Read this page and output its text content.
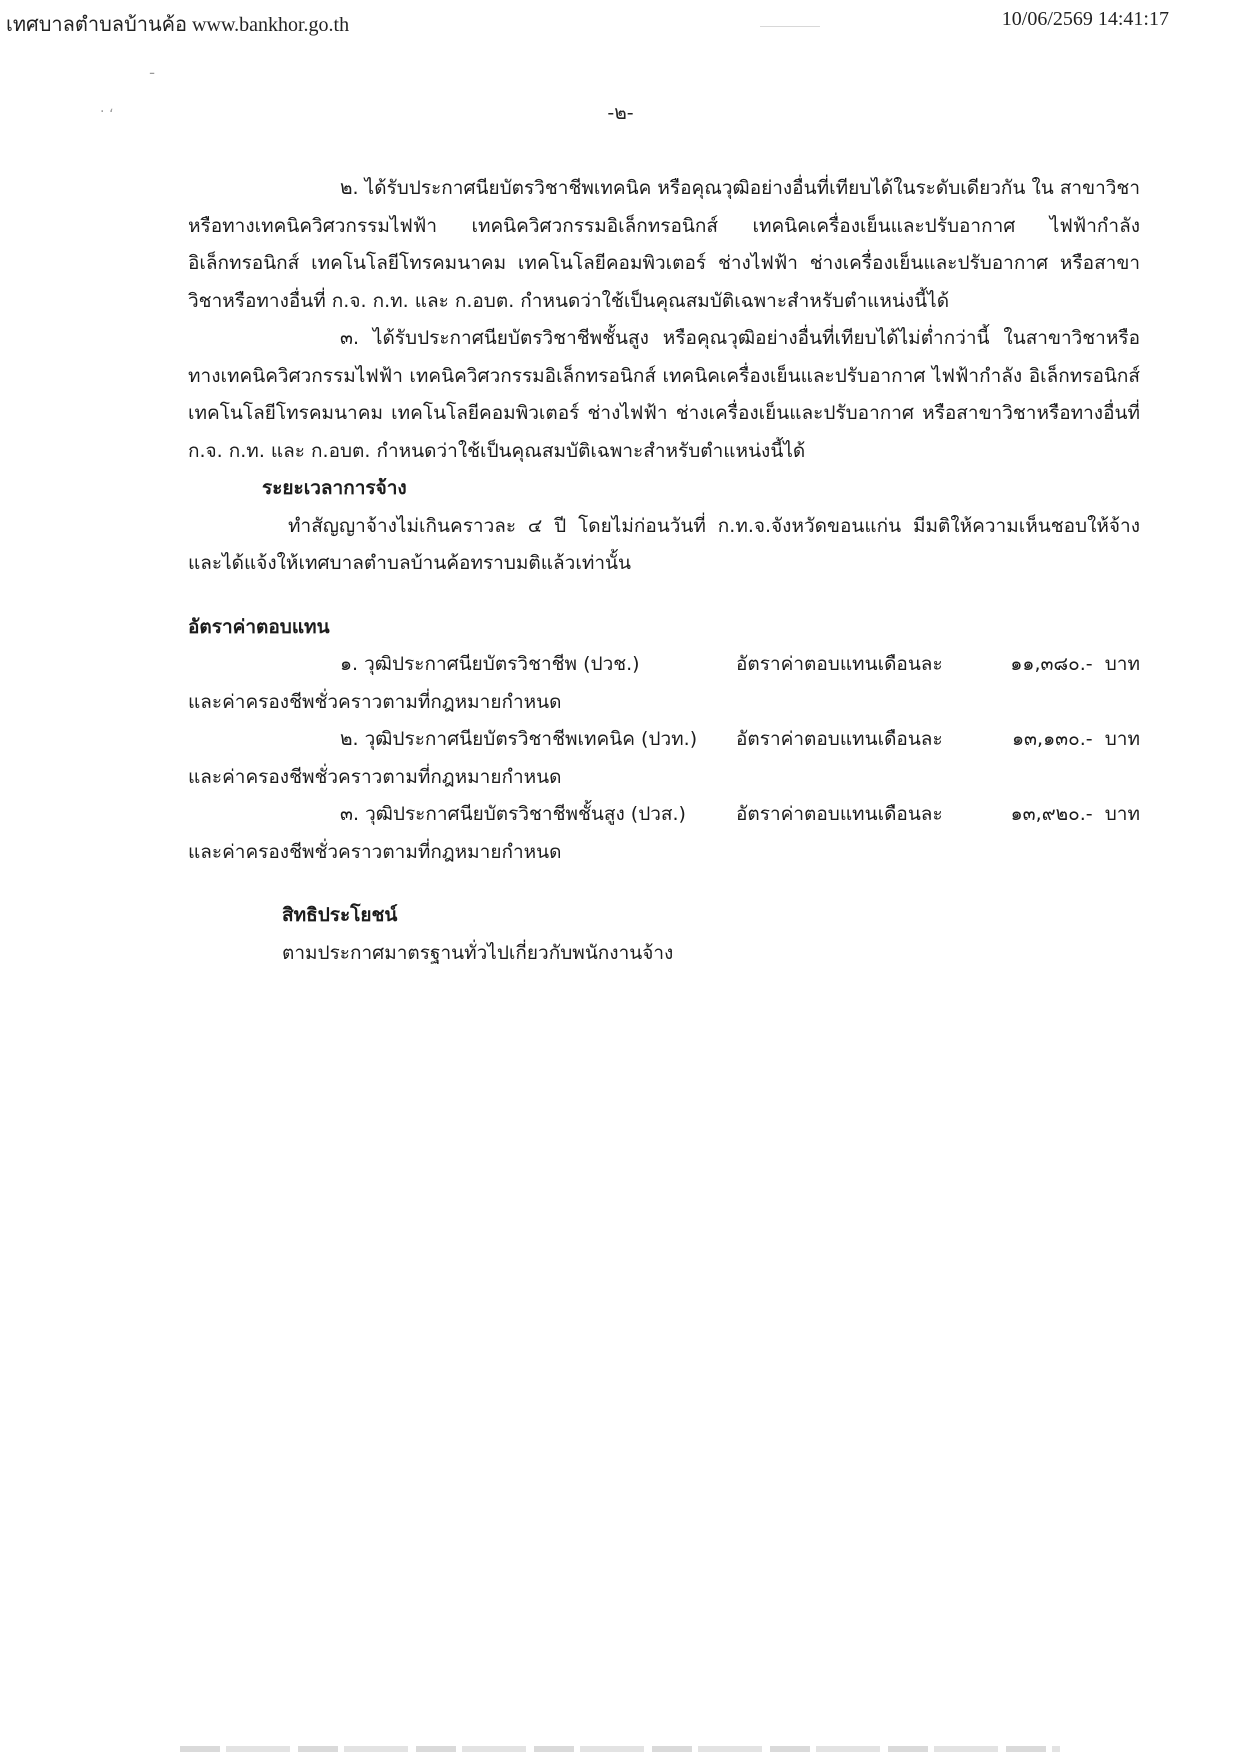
เทศบาลตำบลบ้านค้อ www.bankhor.go.th	10/06/2569 14:41:17
ـ
. ،	-๒-

๒. ได้รับประกาศนียบัตรวิชาชีพเทคนิค หรือคุณวุฒิอย่างอื่นที่เทียบได้ในระดับเดียวกัน ใน สาขาวิชาหรือทางเทคนิควิศวกรรมไฟฟ้า เทคนิควิศวกรรมอิเล็กทรอนิกส์ เทคนิคเครื่องเย็นและปรับอากาศ ไฟฟ้ากำลัง อิเล็กทรอนิกส์ เทคโนโลยีโทรคมนาคม เทคโนโลยีคอมพิวเตอร์ ช่างไฟฟ้า ช่างเครื่องเย็นและปรับอากาศ หรือสาขาวิชาหรือทางอื่นที่ ก.จ. ก.ท. และ ก.อบต. กำหนดว่าใช้เป็นคุณสมบัติเฉพาะสำหรับตำแหน่งนี้ได้

๓. ได้รับประกาศนียบัตรวิชาชีพชั้นสูง หรือคุณวุฒิอย่างอื่นที่เทียบได้ไม่ต่ำกว่านี้ ในสาขาวิชาหรือทางเทคนิควิศวกรรมไฟฟ้า เทคนิควิศวกรรมอิเล็กทรอนิกส์ เทคนิคเครื่องเย็นและปรับอากาศ ไฟฟ้ากำลัง อิเล็กทรอนิกส์ เทคโนโลยีโทรคมนาคม เทคโนโลยีคอมพิวเตอร์ ช่างไฟฟ้า ช่างเครื่องเย็นและปรับอากาศ หรือสาขาวิชาหรือทางอื่นที่ ก.จ. ก.ท. และ ก.อบต. กำหนดว่าใช้เป็นคุณสมบัติเฉพาะสำหรับตำแหน่งนี้ได้

ระยะเวลาการจ้าง

ทำสัญญาจ้างไม่เกินคราวละ ๔ ปี โดยไม่ก่อนวันที่ ก.ท.จ.จังหวัดขอนแก่น มีมติให้ความเห็นชอบให้จ้างและได้แจ้งให้เทศบาลตำบลบ้านค้อทราบมติแล้วเท่านั้น

อัตราค่าตอบแทน

๑. วุฒิประกาศนียบัตรวิชาชีพ (ปวช.)	อัตราค่าตอบแทนเดือนละ	๑๑,๓๘๐.- บาท

และค่าครองชีพชั่วคราวตามที่กฎหมายกำหนด

๒. วุฒิประกาศนียบัตรวิชาชีพเทคนิค (ปวท.) อัตราค่าตอบแทนเดือนละ	๑๓,๑๓๐.- บาท

และค่าครองชีพชั่วคราวตามที่กฎหมายกำหนด

๓. วุฒิประกาศนียบัตรวิชาชีพชั้นสูง (ปวส.)	อัตราค่าตอบแทนเดือนละ	๑๓,๙๒๐.- บาท

และค่าครองชีพชั่วคราวตามที่กฎหมายกำหนด

สิทธิประโยชน์

ตามประกาศมาตรฐานทั่วไปเกี่ยวกับพนักงานจ้าง
